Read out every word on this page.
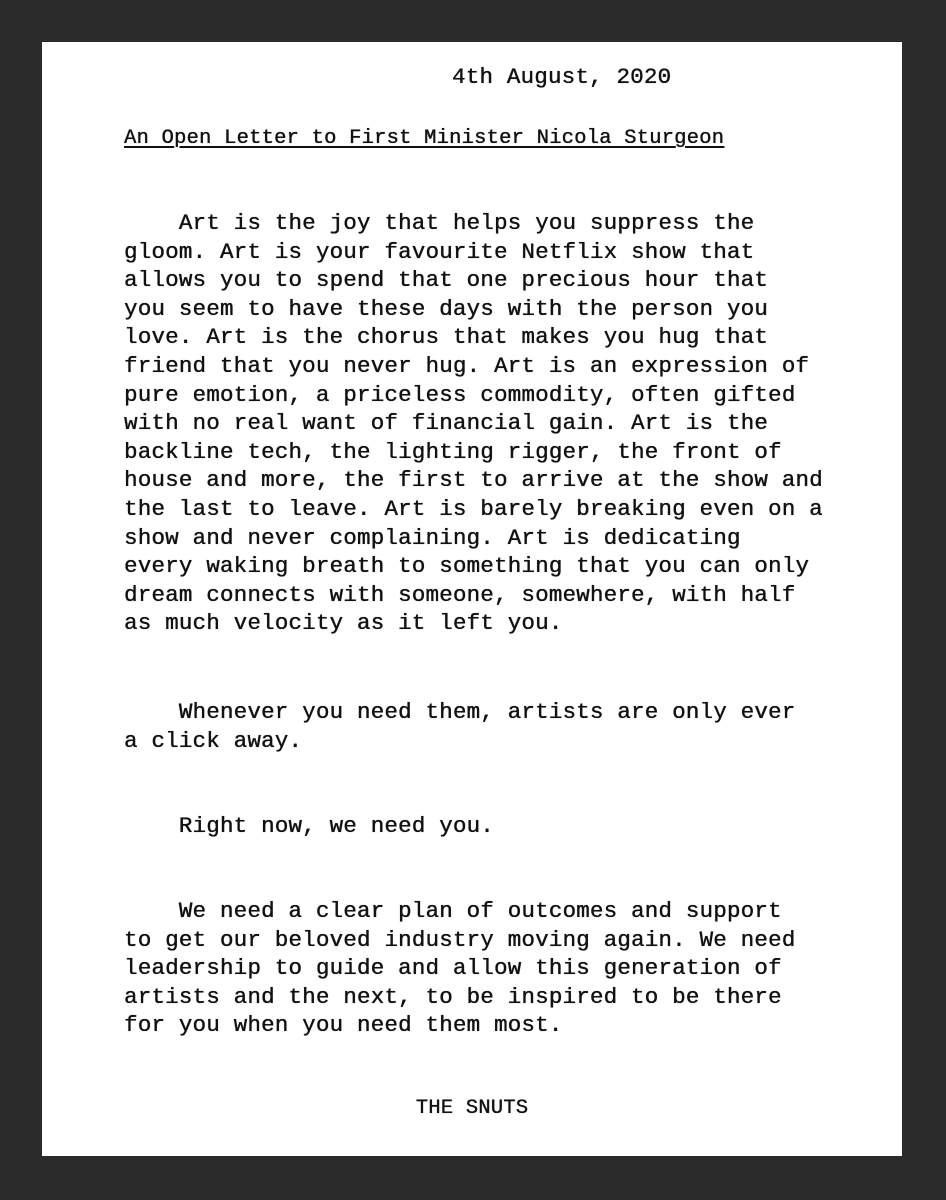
4th August, 2020

An Open Letter to First Minister Nicola Sturgeon

Art is the joy that helps you suppress the
gloom. Art is your favourite Netflix show that
allows you to spend that one precious hour that
you seem to have these days with the person you
love. Art is the chorus that makes you hug that
friend that you never hug. Art is an expression of
pure emotion, a priceless commodity, often gifted
with no real want of financial gain. Art is the
backline tech, the lighting rigger, the front of
house and more, the first to arrive at the show and
the last to leave. Art is barely breaking even on a
show and never complaining. Art is dedicating
every waking breath to something that you can only
dream connects with someone, somewhere, with half
as much velocity as it left you.

Whenever you need them, artists are only ever
a click away.

Right now, we need you.

We need a clear plan of outcomes and support
to get our beloved industry moving again. We need
leadership to guide and allow this generation of
artists and the next, to be inspired to be there
for you when you need them most.

THE SNUTS
